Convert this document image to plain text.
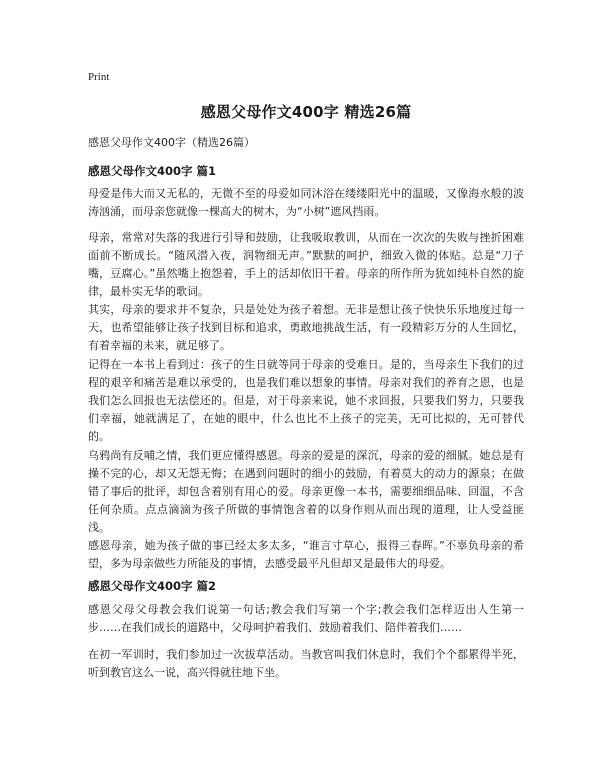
Print
感恩父母作文400字 精选26篇

感恩父母作文400字（精选26篇）

感恩父母作文400字 篇1

母爱是伟大而又无私的，无微不至的母爱如同沐浴在缕缕阳光中的温暖，又像海水般的波涛汹涌，而母亲您就像一棵高大的树木，为“小树”遮风挡雨。

母亲，常常对失落的我进行引导和鼓励，让我吸取教训，从而在一次次的失败与挫折困难面前不断成长。“随风潜入夜，润物细无声。”默默的呵护，细致入微的体贴。总是“刀子嘴，豆腐心。”虽然嘴上抱怨着，手上的活却依旧干着。母亲的所作所为犹如纯朴自然的旋律，最朴实无华的歌词。

其实，母亲的要求并不复杂，只是处处为孩子着想。无非是想让孩子快快乐乐地度过每一天，也希望能够让孩子找到目标和追求，勇敢地挑战生活，有一段精彩万分的人生回忆，有着幸福的未来，就足够了。

记得在一本书上看到过：孩子的生日就等同于母亲的受难日。是的，当母亲生下我们的过程的艰辛和痛苦是难以承受的，也是我们难以想象的事情。母亲对我们的养育之恩，也是我们怎么回报也无法偿还的。但是，对于母亲来说，她不求回报，只要我们努力，只要我们幸福，她就满足了，在她的眼中，什么也比不上孩子的完美，无可比拟的，无可替代的。

乌鸦尚有反哺之情，我们更应懂得感恩。母亲的爱是的深沉，母亲的爱的细腻。她总是有操不完的心，却又无怨无悔；在遇到问题时的细小的鼓励，有着莫大的动力的源泉；在做错了事后的批评，却包含着别有用心的爱。母亲更像一本书，需要细细品味、回温，不含任何杂质。点点滴滴为孩子所做的事情饱含着的以身作则从而出现的道理，让人受益匪浅。

感恩母亲，她为孩子做的事已经太多太多，“谁言寸草心，报得三春晖。”不辜负母亲的希望，多为母亲做些力所能及的事情，去感受最平凡但却又是最伟大的母爱。

感恩父母作文400字 篇2

感恩父母父母教会我们说第一句话;教会我们写第一个字;教会我们怎样迈出人生第一步……在我们成长的道路中，父母呵护着我们、鼓励着我们、陪伴着我们……

在初一军训时，我们参加过一次拔草活动。当教官叫我们休息时，我们个个都累得半死，听到教官这么一说，高兴得就往地下坐。
